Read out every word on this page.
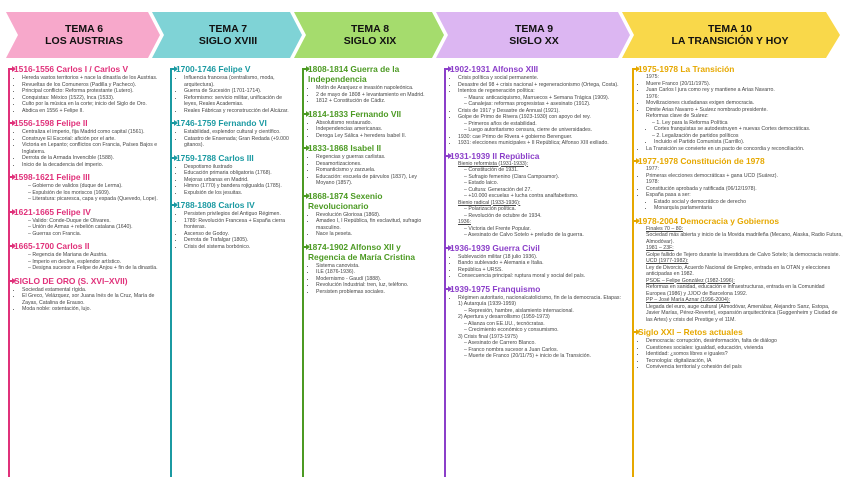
TEMA 6
LOS AUSTRIAS
TEMA 7
SIGLO XVIII
TEMA 8
SIGLO XIX
TEMA 9
SIGLO XX
TEMA 10
LA TRANSICIÓN Y HOY
1516-1556 Carlos I / Carlos V
• Hereda vastos territorios + nace la dinastía de los Austrias.
• Revueltas de los Comuneros (Padilla y Pacheco).
• Principal conflicto: Reforma protestante (Lutero).
• Conquistas: México (1522), Inca (1533).
• Culto por la música en la corte; inicio del Siglo de Oro.
• Abdica en 1556 + Felipe II.
1556-1598 Felipe II
• Centraliza el imperio, fija Madrid como capital (1561).
• Construye El Escorial: afición por el arte.
• Victoria en Lepanto; conflictos con Francia, Países Bajos e Inglaterra.
• Derrota de la Armada Invencible (1588).
• Inicio de la decadencia del imperio.
1598-1621 Felipe III
– Gobierno de validos (duque de Lerma).
– Expulsión de los moriscos (1609).
– Literatura: picaresca, capa y espada (Quevedo, Lope).
1621-1665 Felipe IV
– Valido: Conde-Duque de Olivares.
– Unión de Armas + rebelión catalana (1640).
– Guerras con Francia.
1665-1700 Carlos II
– Regencia de Mariana de Austria.
– Imperio en declive, esplendor artístico.
– Designa sucesor a Felipe de Anjou + fin de la dinastía.
SIGLO DE ORO (S. XVI–XVII)
• Sociedad estamental rígida.
• El Greco, Velázquez, sor Juana Inés de la Cruz, María de Zayas, Catalina de Erauso.
• Moda noble: ostentación, lujo.
1700-1746 Felipe V
• Influencia francesa (centralismo, moda, arquitectura).
• Guerra de Sucesión (1701-1714).
• Reformismo: servicio militar, unificación de leyes, Reales Academias.
• Reales Fábricas y reconstrucción del Alcázar.
1746-1759 Fernando VI
• Estabilidad, esplendor cultural y científico.
• Catastro de Ensenada; Gran Redada (+9.000 gitanos).
1759-1788 Carlos III
• Despotismo ilustrado
• Educación primaria obligatoria (1768).
• Mejoras urbanas en Madrid.
• Himno (1770) y bandera rojigualda (1785).
• Expulsión de los jesuitas.
1788-1808 Carlos IV
• Persisten privilegios del Antiguo Régimen.
• 1789: Revolución Francesa + España cierra fronteras.
• Ascenso de Godoy.
• Derrota de Trafalgar (1805).
• Crisis del sistema borbónico.
1808-1814 Guerra de la Independencia
• Motín de Aranjuez e invasión napoleónica.
• 2 de mayo de 1808 + levantamiento en Madrid.
• 1812 + Constitución de Cádiz.
1814-1833 Fernando VII
• Absolutismo restaurado.
• Independencias americanas.
• Deroga Ley Sálica + heredera Isabel II.
1833-1868 Isabel II
• Regencias y guerras carlistas.
• Desamortizaciones.
• Romanticismo y zarzuela.
• Educación: escuela de párvulos (1837), Ley Moyano (1857).
1868-1874 Sexenio Revolucionario
• Revolución Gloriosa (1868).
• Amadeo I, I República, fin esclavitud, sufragio masculino.
• Nace la peseta.
1874-1902 Alfonso XII y Regencia de María Cristina
• Sistema canovista.
• ILE (1876-1936).
• Modernismo - Gaudí (1888).
• Revolución Industrial: tren, luz, teléfono.
• Persisten problemas sociales.
1902-1931 Alfonso XIII
• Crisis política y social permanente.
• Desastre del 98 + crisis nacional + regeneracionismo (Ortega, Costa).
• Intentos de regeneración política:
– Maura: anticaciquismo, Marruecos + Semana Trágica (1909).
– Canalejas: reformas progresistas + asesinato (1912).
• Crisis de 1917 y Desastre de Annual (1921).
• Golpe de Primo de Rivera (1923-1930) con apoyo del rey.
– Primeros años de estabilidad.
– Luego autoritarismo censura, cierre de universidades.
• 1930: cae Primo de Rivera + gobierno Berenguer.
• 1931: elecciones municipales + II República; Alfonso XIII exiliado.
1931-1939 II República
Bienio reformista (1931-1933):
– Constitución de 1931.
– Sufragio femenino (Clara Campoamor).
– Estado laico.
– Cultura: Generación del 27.
– +10.000 escuelas + lucha contra analfabetismo.
Bienio radical (1933-1936):
– Polarización política.
– Revolución de octubre de 1934.
1936:
– Victoria del Frente Popular.
– Asesinato de Calvo Sotelo + preludio de la guerra.
1936-1939 Guerra Civil
• Sublevación militar (18 julio 1936).
• Bando sublevado + Alemania e Italia.
• República + URSS.
• Consecuencia principal: ruptura moral y social del país.
1939-1975 Franquismo
• Régimen autoritario, nacionalcatolicismo, fin de la democracia. Etapas:
1) Autarquía (1939-1959)
– Represión, hambre, aislamiento internacional.
2) Apertura y desarrollismo (1959-1973)
– Alianza con EE.UU., tecnócratas.
– Crecimiento económico y consumismo.
3) Crisis final (1973-1975)
– Asesinato de Carrero Blanco.
– Franco nombra sucesor a Juan Carlos.
– Muerte de Franco (20/11/75) + inicio de la Transición.
1975-1978 La Transición
1975:
• Muere Franco (20/11/1975).
• Juan Carlos I jura como rey y mantiene a Arias Navarro.
1976:
• Movilizaciones ciudadanas exigen democracia.
• Dimite Arias Navarro + Suárez nombrado presidente.
Reformas clave de Suárez:
– 1. Ley para la Reforma Política
• Cortes franquistas se autodestruyen + nuevas Cortes democráticas.
– 2. Legalización de partidos políticos
• Incluido el Partido Comunista (Carrillo).
• La Transición se convierte en un pacto de concordia y reconciliación.
1977-1978 Constitución de 1978
1977:
• Primeras elecciones democráticas + gana UCD (Suárez).
1978:
• Constitución aprobada y ratificada (06/12/1978).
• España pasa a ser:
• Estado social y democrático de derecho
• Monarquía parlamentaria
1978-2004 Democracia y Gobiernos
Finales 70 – 80:
Sociedad más abierta y inicio de la Movida madrileña (Mecano, Alaska, Radio Futura, Almodóvar).
1981 – 23F:
Golpe fallido de Tejero durante la investidura de Calvo Sotelo; la democracia resiste.
UCD (1977-1982):
Ley de Divorcio, Acuerdo Nacional de Empleo, entrada en la OTAN y elecciones anticipadas en 1982.
PSOE – Felipe González (1982-1996):
Reformas en sanidad, educación e infraestructuras, entrada en la Comunidad Europea (1986) y JJOO de Barcelona 1992.
PP – José María Aznar (1996-2004):
Llegada del euro, auge cultural (Almodóvar, Amenábar, Alejandro Sanz, Estopa, Javier Marías, Pérez-Reverte), expansión arquitectónica (Guggenheim y Ciudad de las Artes) y crisis del Prestige y el 11M.
Siglo XXI – Retos actuales
• Democracia: corrupción, desinformación, falta de diálogo
• Cuestiones sociales: igualdad, educación, vivienda
• Identidad: ¿somos libres e iguales?
• Tecnología: digitalización, IA
• Convivencia territorial y cohesión del país
